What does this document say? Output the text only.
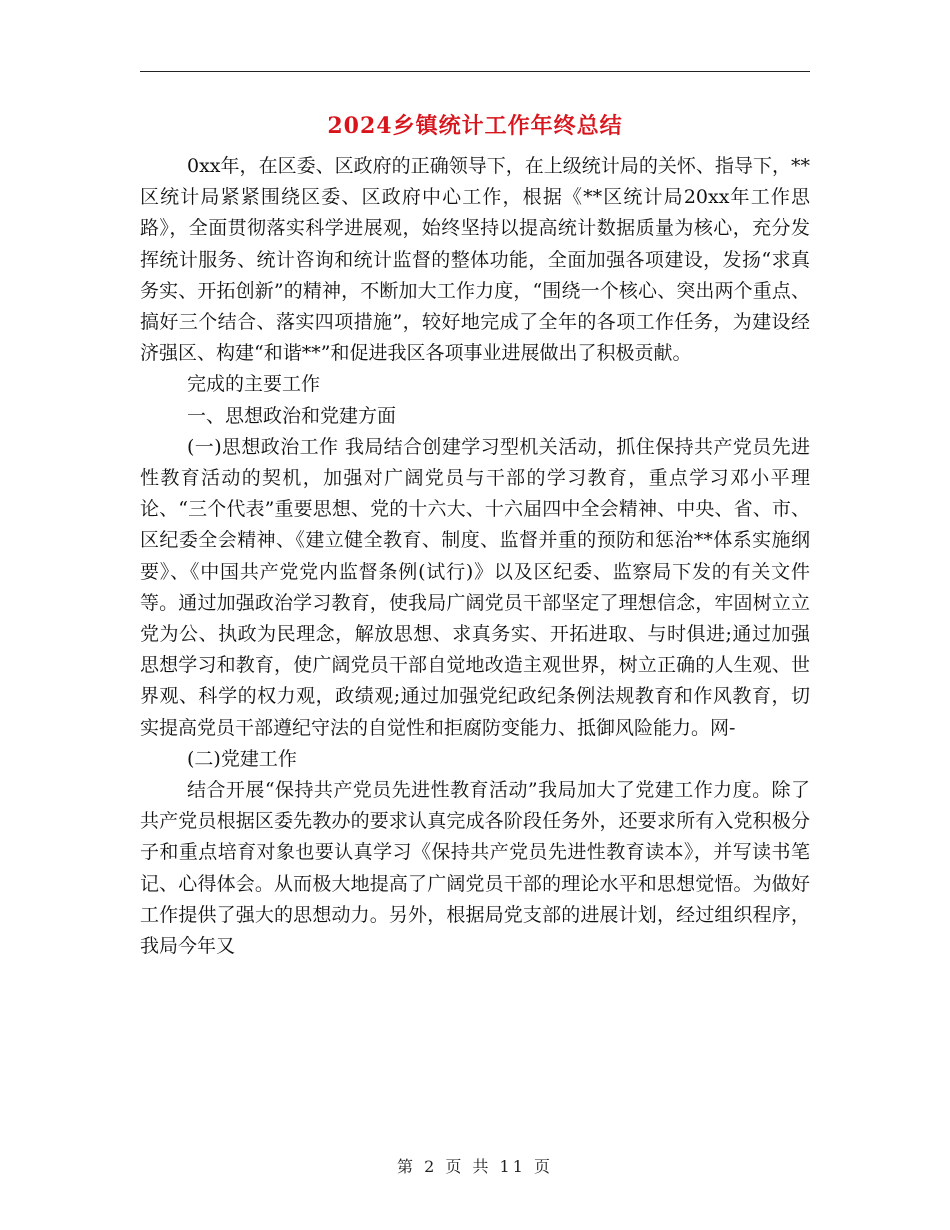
2024乡镇统计工作年终总结
0xx年，在区委、区政府的正确领导下，在上级统计局的关怀、指导下，**区统计局紧紧围绕区委、区政府中心工作，根据《**区统计局20xx年工作思路》，全面贯彻落实科学进展观，始终坚持以提高统计数据质量为核心，充分发挥统计服务、统计咨询和统计监督的整体功能，全面加强各项建设，发扬“求真务实、开拓创新”的精神，不断加大工作力度，“围绕一个核心、突出两个重点、搞好三个结合、落实四项措施”，较好地完成了全年的各项工作任务，为建设经济强区、构建“和谐**”和促进我区各项事业进展做出了积极贡献。
完成的主要工作
一、思想政治和党建方面
(一)思想政治工作 我局结合创建学习型机关活动，抓住保持共产党员先进性教育活动的契机，加强对广阔党员与干部的学习教育，重点学习邓小平理论、“三个代表”重要思想、党的十六大、十六届四中全会精神、中央、省、市、区纪委全会精神、《建立健全教育、制度、监督并重的预防和惩治**体系实施纲要》、《中国共产党党内监督条例(试行)》以及区纪委、监察局下发的有关文件等。通过加强政治学习教育，使我局广阔党员干部坚定了理想信念，牢固树立立党为公、执政为民理念，解放思想、求真务实、开拓进取、与时俱进;通过加强思想学习和教育，使广阔党员干部自觉地改造主观世界，树立正确的人生观、世界观、科学的权力观，政绩观;通过加强党纪政纪条例法规教育和作风教育，切实提高党员干部遵纪守法的自觉性和拒腐防变能力、抵御风险能力。网-
(二)党建工作
结合开展“保持共产党员先进性教育活动”我局加大了党建工作力度。除了共产党员根据区委先教办的要求认真完成各阶段任务外，还要求所有入党积极分子和重点培育对象也要认真学习《保持共产党员先进性教育读本》，并写读书笔记、心得体会。从而极大地提高了广阔党员干部的理论水平和思想觉悟。为做好工作提供了强大的思想动力。另外，根据局党支部的进展计划，经过组织程序，我局今年又
第 2 页 共 11 页
